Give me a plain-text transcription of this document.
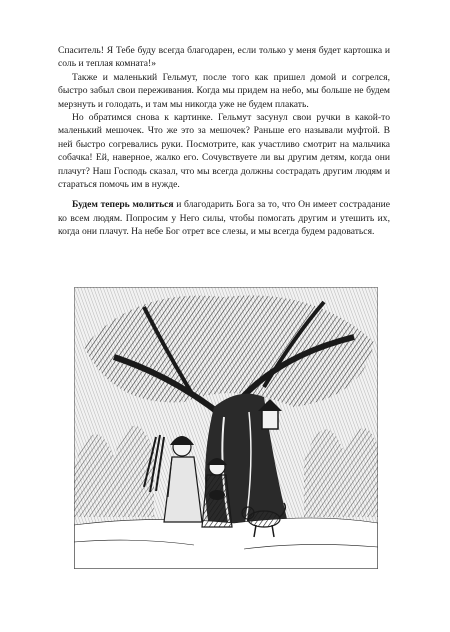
Спаситель! Я Тебе буду всегда благодарен, если только у меня будет картошка и соль и теплая комната!»

Также и маленький Гельмут, после того как пришел домой и согрелся, быстро забыл свои переживания. Когда мы придем на небо, мы больше не будем мерзнуть и голодать, и там мы никогда уже не будем плакать.

Но обратимся снова к картинке. Гельмут засунул свои ручки в какой-то маленький мешочек. Что же это за мешочек? Раньше его называли муфтой. В ней быстро согревались руки. Посмотрите, как участливо смотрит на мальчика собачка! Ей, наверное, жалко его. Сочувствуете ли вы другим детям, когда они плачут? Наш Господь сказал, что мы всегда должны сострадать другим людям и стараться помочь им в нужде.

Будем теперь молиться и благодарить Бога за то, что Он имеет сострадание ко всем людям. Попросим у Него силы, чтобы помогать другим и утешить их, когда они плачут. На небе Бог отрет все слезы, и мы всегда будем радоваться.
